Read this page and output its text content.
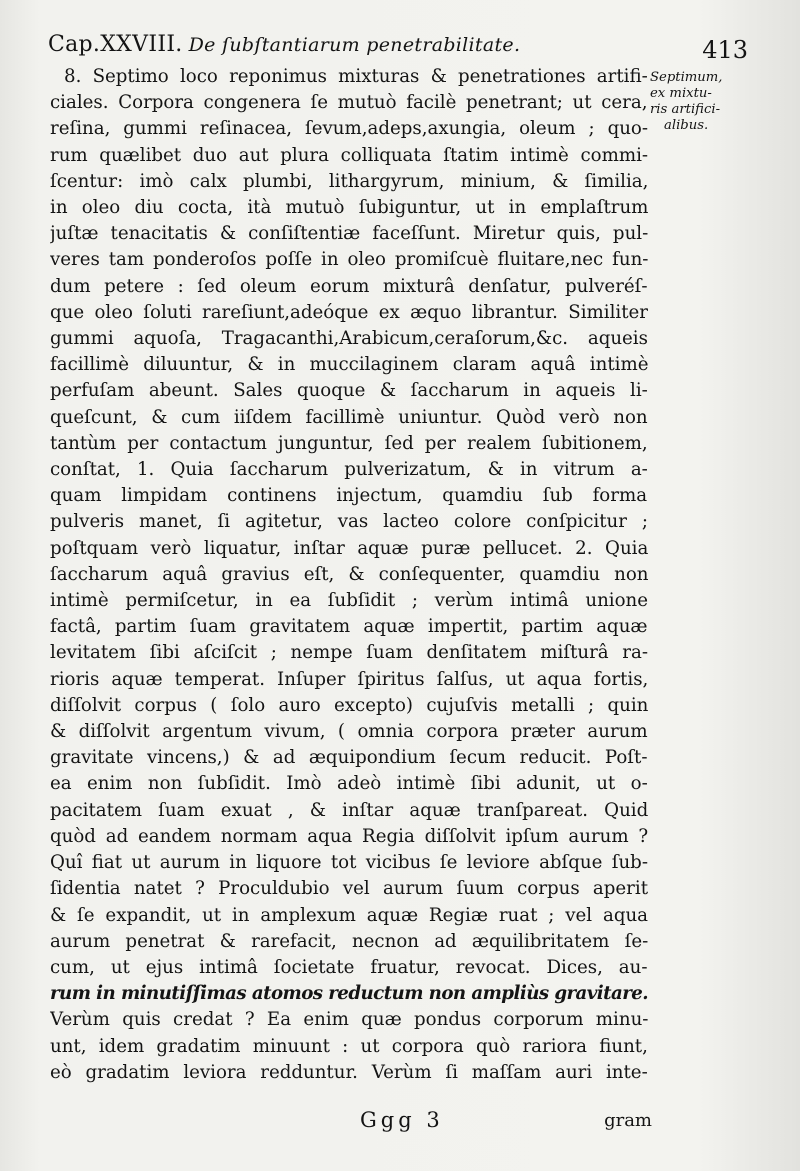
Cap.XXVIII. De ſubſtantiarum penetrabilitate.	413
8. Septimo loco reponimus mixturas & penetrationes artifi-
ciales. Corpora congenera ſe mutuò facilè penetrant; ut cera,
reſina, gummi reſinacea, ſevum,adeps,axungia, oleum ; quo-
rum quælibet duo aut plura colliquata ſtatim intimè commi-
ſcentur: imò calx plumbi, lithargyrum, minium, & ſimilia,
in oleo diu cocta, ità mutuò ſubiguntur, ut in emplaſtrum
juſtæ tenacitatis & conſiſtentiæ faceſſunt. Miretur quis, pul-
veres tam ponderoſos poſſe in oleo promiſcuè fluitare,nec fun-
dum petere : ſed oleum eorum mixturâ denſatur, pulveréſ-
que oleo ſoluti rareſiunt,adeóque ex æquo librantur. Similiter
gummi aquoſa, Tragacanthi,Arabicum,ceraſorum,&c. aqueis
facillimè diluuntur, & in muccilaginem claram aquâ intimè
perfuſam abeunt. Sales quoque & ſaccharum in aqueis li-
queſcunt, & cum iiſdem facillimè uniuntur. Quòd verò non
tantùm per contactum junguntur, ſed per realem ſubitionem,
conſtat, 1. Quia ſaccharum pulverizatum, & in vitrum a-
quam limpidam continens injectum, quamdiu ſub forma
pulveris manet, ſi agitetur, vas lacteo colore conſpicitur ;
poſtquam verò liquatur, inſtar aquæ puræ pellucet. 2. Quia
ſaccharum aquâ gravius eſt, & conſequenter, quamdiu non
intimè permiſcetur, in ea ſubſidit ; verùm intimâ unione
factâ, partim ſuam gravitatem aquæ impertit, partim aquæ
levitatem ſibi aſciſcit ; nempe ſuam denſitatem miſturâ ra-
rioris aquæ temperat. Inſuper ſpiritus ſalſus, ut aqua fortis,
diſſolvit corpus ( ſolo auro excepto) cujuſvis metalli ; quin
& diſſolvit argentum vivum, ( omnia corpora præter aurum
gravitate vincens,) & ad æquipondium ſecum reducit. Poſt-
ea enim non ſubſidit. Imò adeò intimè ſibi adunit, ut o-
pacitatem ſuam exuat , & inſtar aquæ tranſpareat. Quid
quòd ad eandem normam aqua Regia diſſolvit ipſum aurum ?
Quî fiat ut aurum in liquore tot vicibus ſe leviore abſque ſub-
ſidentia natet ? Proculdubio vel aurum ſuum corpus aperit
& ſe expandit, ut in amplexum aquæ Regiæ ruat ; vel aqua
aurum penetrat & rarefacit, necnon ad æquilibritatem ſe-
cum, ut ejus intimâ ſocietate fruatur, revocat. Dices, au-
rum in minutiſſimas atomos reductum non ampliùs gravitare.
Verùm quis credat ? Ea enim quæ pondus corporum minu-
unt, idem gradatim minuunt : ut corpora quò rariora fiunt,
eò gradatim leviora redduntur. Verùm ſi maſſam auri inte-
Septimum,
ex mixtu-
ris artifici-
alibus.
Ggg 3	gram
